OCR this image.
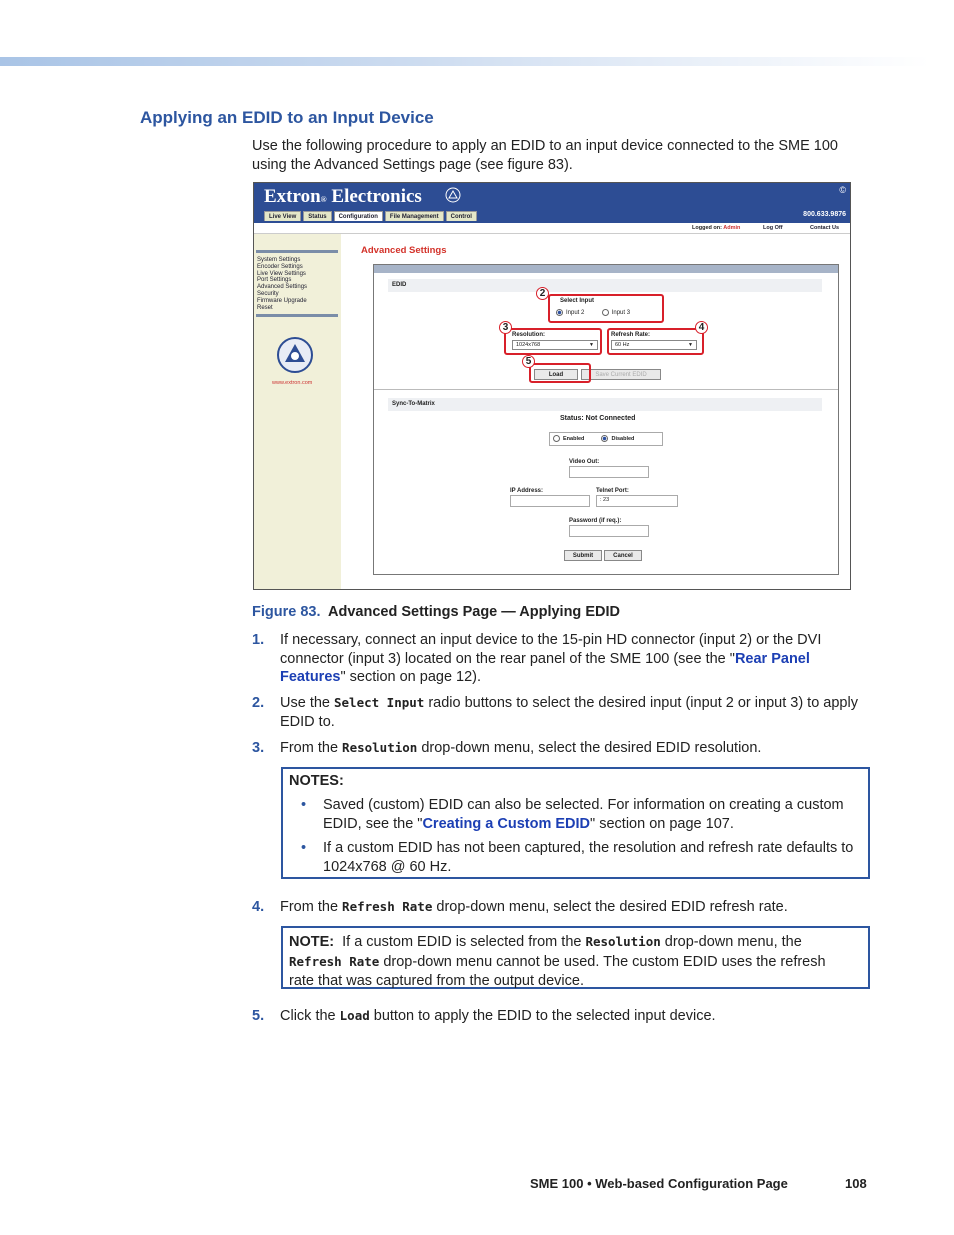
Applying an EDID to an Input Device
Use the following procedure to apply an EDID to an input device connected to the SME 100 using the Advanced Settings page (see figure 83).
Extron® Electronics	©
800.633.9876
Live View	Status	Configuration	File Management	Control
Logged on: Admin	Log Off	Contact Us
System Settings
Encoder Settings
Live View Settings
Port Settings
Advanced Settings
Security
Firmware Upgrade
Reset
www.extron.com
Advanced Settings
EDID
Select Input
Input 2	Input 3
Resolution:
1024x768	▼
Refresh Rate:
60 Hz	▼
Load	Save Current EDID
Sync-To-Matrix
Status: Not Connected
Enabled	Disabled
Video Out:
IP Address:	Telnet Port:
: 23
Password (if req.):
Submit	Cancel
2
3	4
5
Figure 83. Advanced Settings Page — Applying EDID
1. If necessary, connect an input device to the 15-pin HD connector (input 2) or the DVI connector (input 3) located on the rear panel of the SME 100 (see the "Rear Panel Features" section on page 12).
2. Use the Select Input radio buttons to select the desired input (input 2 or input 3) to apply EDID to.
3. From the Resolution drop-down menu, select the desired EDID resolution.
NOTES:
• Saved (custom) EDID can also be selected. For information on creating a custom EDID, see the "Creating a Custom EDID" section on page 107.
• If a custom EDID has not been captured, the resolution and refresh rate defaults to 1024x768 @ 60 Hz.
4. From the Refresh Rate drop-down menu, select the desired EDID refresh rate.
NOTE: If a custom EDID is selected from the Resolution drop-down menu, the Refresh Rate drop-down menu cannot be used. The custom EDID uses the refresh rate that was captured from the output device.
5. Click the Load button to apply the EDID to the selected input device.
SME 100 • Web-based Configuration Page	108
